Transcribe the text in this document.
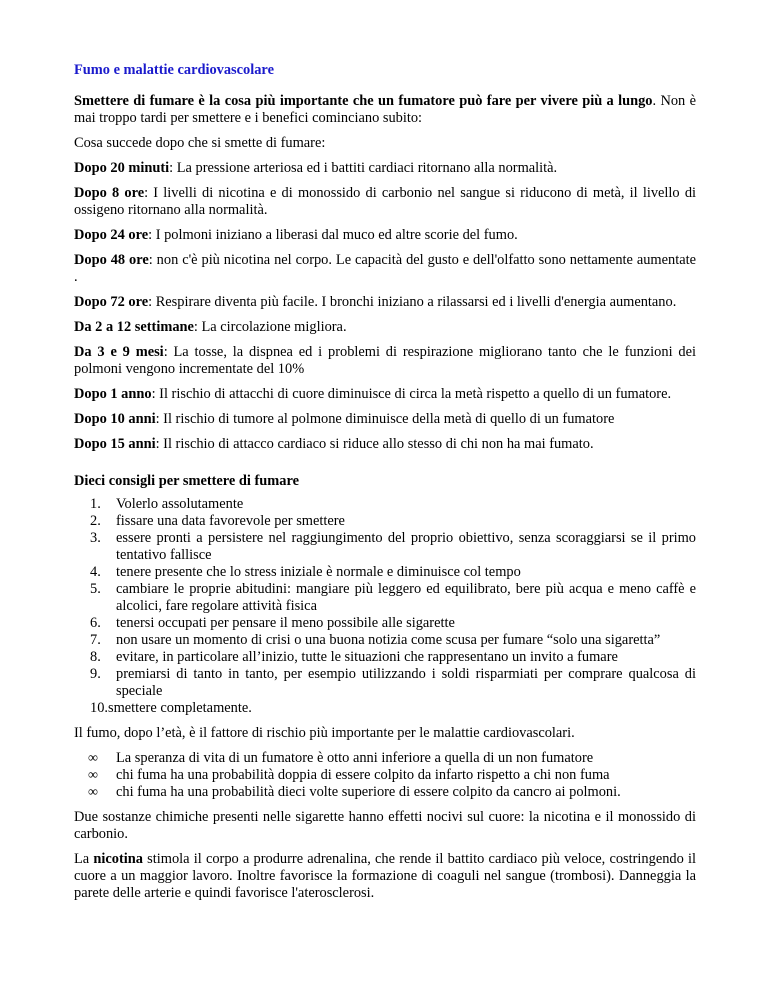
Fumo e malattie cardiovascolare
Smettere di fumare è la cosa più importante che un fumatore può fare per vivere più a lungo. Non è mai troppo tardi per smettere e i benefici cominciano subito:
Cosa succede dopo che si smette di fumare:
Dopo 20 minuti: La pressione arteriosa ed i battiti cardiaci ritornano alla normalità.
Dopo 8 ore: I livelli di nicotina e di monossido di carbonio nel sangue si riducono di metà, il livello di ossigeno ritornano alla normalità.
Dopo 24 ore: I polmoni iniziano a liberasi dal muco ed altre scorie del fumo.
Dopo 48 ore: non c'è più nicotina nel corpo. Le capacità del gusto e dell'olfatto sono nettamente aumentate .
Dopo 72 ore: Respirare diventa più facile. I bronchi iniziano a rilassarsi ed i livelli d'energia aumentano.
Da 2 a 12 settimane: La circolazione migliora.
Da 3 e 9 mesi: La tosse, la dispnea ed i problemi di respirazione migliorano tanto che le funzioni dei polmoni vengono incrementate del 10%
Dopo 1 anno: Il rischio di attacchi di cuore diminuisce di circa la metà rispetto a quello di un fumatore.
Dopo 10 anni: Il rischio di tumore al polmone diminuisce della metà di quello di un fumatore
Dopo 15 anni: Il rischio di attacco cardiaco si riduce allo stesso di chi non ha mai fumato.
Dieci consigli per smettere di fumare
1.	Volerlo assolutamente
2.	fissare una data favorevole per smettere
3.	essere pronti a persistere nel raggiungimento del proprio obiettivo, senza scoraggiarsi se il primo tentativo fallisce
4.	tenere presente che lo stress iniziale è normale e diminuisce col tempo
5.	cambiare le proprie abitudini: mangiare più leggero ed equilibrato, bere più acqua e meno caffè e alcolici, fare regolare attività fisica
6.	tenersi occupati per pensare il meno possibile alle sigarette
7.	non usare un momento di crisi o una buona notizia come scusa per fumare “solo una sigaretta”
8.	evitare, in particolare all’inizio, tutte le situazioni che rappresentano un invito a fumare
9.	premiarsi di tanto in tanto, per esempio utilizzando i soldi risparmiati per comprare qualcosa di speciale
10.smettere completamente.
Il fumo, dopo l’età, è il fattore di rischio più importante per le malattie cardiovascolari.
∞ La speranza di vita di un fumatore è otto anni inferiore a quella di un non fumatore
∞ chi fuma ha una probabilità doppia di essere colpito da infarto rispetto a chi non fuma
∞ chi fuma ha una probabilità dieci volte superiore di essere colpito da cancro ai polmoni.
Due sostanze chimiche presenti nelle sigarette hanno effetti nocivi sul cuore: la nicotina e il monossido di carbonio.
La nicotina stimola il corpo a produrre adrenalina, che rende il battito cardiaco più veloce, costringendo il cuore a un maggior lavoro. Inoltre favorisce la formazione di coaguli nel sangue (trombosi). Danneggia la parete delle arterie e quindi favorisce l'aterosclerosi.
